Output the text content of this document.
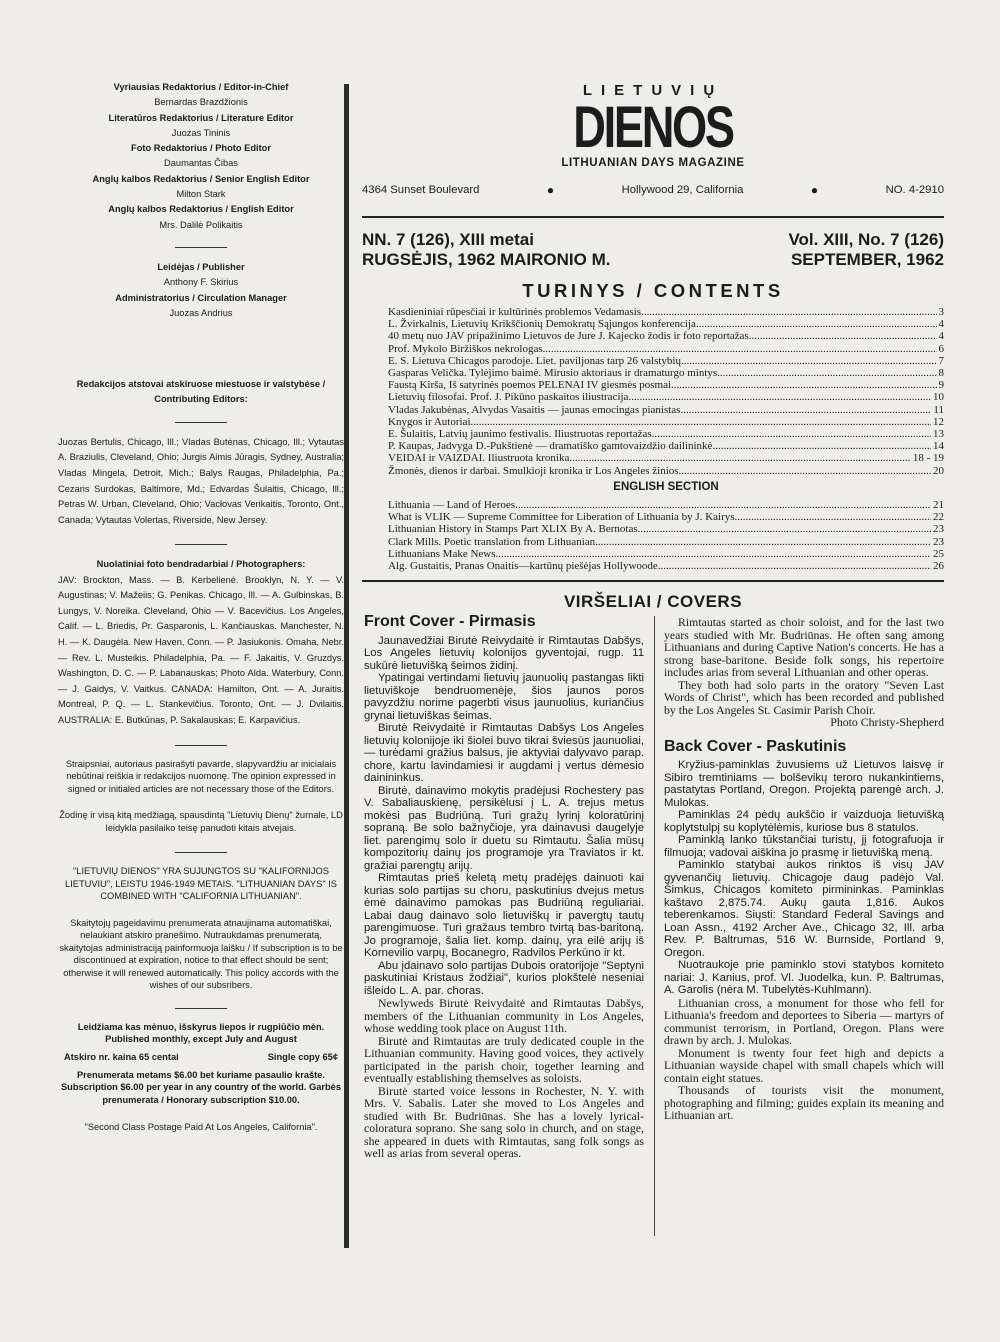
Vyriausias Redaktorius / Editor-in-Chief
Bernardas Brazdžionis
Literatūros Redaktorius / Literature Editor
Juozas Tininis
Foto Redaktorius / Photo Editor
Daumantas Čibas
Anglų kalbos Redaktorius / Senior English Editor
Milton Stark
Anglų kalbos Redaktorius / English Editor
Mrs. Dalilė Polikaitis
Leidėjas / Publisher
Anthony F. Skirius
Administratorius / Circulation Manager
Juozas Andrius
Redakcijos atstovai atskiruose miestuose ir valstybėse / Contributing Editors:
Juozas Bertulis, Chicago, Ill.; Vladas Butėnas, Chicago, Ill.; Vytautas A. Braziulis, Cleveland, Ohio; Jurgis Aimis Jūragis, Sydney, Australia; Vladas Mingela, Detroit, Mich.; Balys Raugas, Philadelphia, Pa.; Cezaris Surdokas, Baltimore, Md.; Edvardas Šulaitis, Chicago, Ill.; Petras W. Urban, Cleveland, Ohio; Vacłovas Verikaitis, Toronto, Ont., Canada; Vytautas Volertas, Riverside, New Jersey.
Nuolatiniai foto bendradarbiai / Photographers:
JAV: Brockton, Mass. — B. Kerbelienė. Brooklyn, N. Y. — V. Augustinas; V. Mažeiis; G. Penikas. Chicago, Ill. — A. Gulbinskas, B. Lungys, V. Noreika. Cleveland, Ohio — V. Bacevičius. Los Angeles, Calif. — L. Briedis, Pr. Gasparonis, L. Kančiauskas. Manchester, N. H. — K. Daugėla. New Haven, Conn. — P. Jasiukonis. Omaha, Nebr. — Rev. L. Musteikis. Philadelphia, Pa. — F. Jakaitis, V. Gruzdys. Washington, D. C. — P. Labanauskas; Photo Alda. Waterbury, Conn. — J. Gaidys, V. Vaitkus. CANADA: Hamilton, Ont. — A. Juraitis. Montreal, P. Q. — L. Stankevičius. Toronto, Ont. — J. Dvilaitis. AUSTRALIA: E. Butkūnas, P. Sakalauskas; E. Karpavičius.
Straipsniai, autoriaus pasirašyti pavarde, slapyvardžiu ar inicialais nebūtinai reiškia ir redakcijos nuomonę. The opinion expressed in signed or initialed articles are not necessary those of the Editors.
Žodinę ir visą kitą medžiagą, spausdintą "Lietuvių Dienų" žurnale, LD leidykla pasilaiko teisę panudoti kitais atvejais.
"LIETUVIŲ DIENOS" YRA SUJUNGTOS SU "KALIFORNIJOS LIETUVIU", LEISTU 1946-1949 METAIS. "LITHUANIAN DAYS" IS COMBINED WITH "CALIFORNIA LITHUANIAN".
Skaitytojų pageidavimu prenumerata atnaujinama automatiškai, nelaukiant atskiro pranešimo. Nutraukdamas prenumeratą, skaitytojas administraciją painformuoja laišku / If subscription is to be discontinued at expiration, notice to that effect should be sent; otherwise it will renewed automatically. This policy accords with the wishes of our subsribers.
Leidžiama kas mėnuo, išskyrus liepos ir rugpiūčio mėn. Published monthly, except July and August
Atskiro nr. kaina 65 centai	Single copy 65¢
Prenumerata metams $6.00 bet kuriame pasaulio krašte. Subscription $6.00 per year in any country of the world. Garbės prenumerata / Honorary subscription $10.00.
"Second Class Postage Paid At Los Angeles, California".
LIETUVIŲ
DIENOS
LITHUANIAN DAYS MAGAZINE
4364 Sunset Boulevard	●	Hollywood 29, California	●	NO. 4-2910
NN. 7 (126), XIII metai	Vol. XIII, No. 7 (126)
RUGSĖJIS, 1962 MAIRONIO M.	SEPTEMBER, 1962
TURINYS / CONTENTS
Kasdieniniai rūpesčiai ir kultūrinės problemos Vedamasis .....	3
L. Žvirkalnis, Lietuvių Krikščionių Demokratų Sąjungos konferencija .....	4
40 metų nuo JAV pripažinimo Lietuvos de Jure J. Kajecko žodis ir foto reportažas .....	4
Prof. Mykolo Biržiškos nekrologas .....	6
E. S. Lietuva Chicagos parodoje. Liet. paviljonas tarp 26 valstybių .....	7
Gasparas Velička. Tylėjimo baimė. Mirusio aktoriaus ir dramaturgo mintys .....	8
Faustą Kirša, Iš satyrinės poemos PELENAI IV giesmės posmai .....	9
Lietuvių filosofai. Prof. J. Pikūno paskaitos iliustracija .....	10
Vladas Jakubėnas, Alvydas Vasaitis — jaunas emocingas pianistas .....	11
Knygos ir Autoriai .....	12
E. Šulaitis, Latvių jaunimo festivalis. Iliustruotas reportažas .....	13
P. Kaupas, Jadvyga D.-Pukštienė — dramatiško gamtovaizdžio dailininkė .....	14
VEIDAI ir VAIZDAI. Iliustruota kronika .....	18 - 19
Žmonės, dienos ir darbai. Smulkioji kronika ir Los Angeles žinios .....	20
ENGLISH SECTION
Lithuania — Land of Heroes .....	21
What is VLIK — Supreme Committee for Liberation of Lithuania by J. Kairys .....	22
Lithuanian History in Stamps Part XLIX By A. Bernotas .....	23
Clark Mills. Poetic translation from Lithuanian .....	23
Lithuanians Make News .....	25
Alg. Gustaitis, Pranas Onaitis—kartūnų piešėjas Hollywoode .....	26
VIRŠELIAI / COVERS
Front Cover - Pirmasis

Jaunavedžiai Birutė Reivydaitė ir Rimtautas Dabšys, Los Angeles lietuvių kolonijos gyventojai, rugp. 11 sukūrė lietuvišką šeimos židinį.

Ypatingai vertindami lietuvių jaunuolių pastangas likti lietuviškoje bendruomenėje, šios jaunos poros pavyzdžiu norime pagerbti visus jaunuolius, kuriančius grynai lietuviškas šeimas.

Birutė Reivydaitė ir Rimtautas Dabšys Los Angeles lietuvių kolonijoje iki šiolei buvo tikrai šviesūs jaunuoliai, — turėdami gražius balsus, jie aktyviai dalyvavo parap. chore, kartu lavindamiesi ir augdami į vertus dėmesio dainininkus.

Birutė, dainavimo mokytis pradėjusi Rochestery pas V. Sabaliauskienę, persikėlusi į L. A. trejus metus mokėsi pas Budriūną. Turi gražų lyrinį koloratūrinį sopraną. Be solo bažnyčioje, yra dainavusi daugelyje liet. parengimų solo ir duetu su Rimtautu. Šalia mūsų kompozitorių dainų jos programoje yra Traviatos ir kt. gražiai parengtų arijų.

Rimtautas prieš keletą metų pradėjęs dainuoti kai kurias solo partijas su choru, paskutinius dvejus metus ėmė dainavimo pamokas pas Budriūną reguliariai. Labai daug dainavo solo lietuviškų ir pavergtų tautų parengimuose. Turi gražaus tembro tvirtą bas-baritoną. Jo programoje, šalia liet. komp. dainų, yra eilė arijų iš Kornevilio varpų, Bocanegro, Radvilos Perkūno ir kt.

Abu įdainavo solo partijas Dubois oratorijoje "Septyni paskutiniai Kristaus žodžiai", kurios plokštelė neseniai išleido L. A. par. choras.

Newlyweds Birutė Reivydaitė and Rimtautas Dabšys, members of the Lithuanian community in Los Angeles, whose wedding took place on August 11th.

Birutė and Rimtautas are truly dedicated couple in the Lithuanian community. Having good voices, they actively participated in the parish choir, together learning and eventually establishing themselves as soloists.

Birutė started voice lessons in Rochester, N. Y. with Mrs. V. Sabalis. Later she moved to Los Angeles and studied with Br. Budriūnas. She has a lovely lyrical-coloratura soprano. She sang solo in church, and on stage, she appeared in duets with Rimtautas, sang folk songs as well as arias from several operas.

Rimtautas started as choir soloist, and for the last two years studied with Mr. Budriūnas. He often sang among Lithuanians and during Captive Nation's concerts. He has a strong base-baritone. Beside folk songs, his repertoire includes arias from several Lithuanian and other operas.

They both had solo parts in the oratory "Seven Last Words of Christ", which has been recorded and published by the Los Angeles St. Casimir Parish Choir.

Photo Christy-Shepherd

Back Cover - Paskutinis

Kryžius-paminklas žuvusiems už Lietuvos laisvę ir Sibiro tremtiniams — bolševikų teroro nukankintiems, pastatytas Portland, Oregon. Projektą parengė arch. J. Mulokas.

Paminklas 24 pėdų aukščio ir vaizduoja lietuvišką koplytstulpį su koplytėlėmis, kuriose bus 8 statulos.

Paminklą lanko tūkstančiai turistų, jį fotografuoja ir filmuoja; vadovai aiškina jo prasmę ir lietuvišką meną.

Paminklo statybai aukos rinktos iš visų JAV gyvenančių lietuvių. Chicagoje daug padėjo Val. Šimkus, Chicagos komiteto pirmininkas. Paminklas kaštavo 2,875.74. Aukų gauta 1,816. Aukos teberenkamos. Siųsti: Standard Federal Savings and Loan Assn., 4192 Archer Ave., Chicago 32, Ill. arba Rev. P. Baltrumas, 516 W. Burnside, Portland 9, Oregon.

Nuotraukoje prie paminklo stovi statybos komiteto nariai: J. Kanius, prof. Vl. Juodelka, kun. P. Baltrumas, A. Garolis (nėra M. Tubelytės-Kuhlmann).

Lithuanian cross, a monument for those who fell for Lithuania's freedom and deportees to Siberia — martyrs of communist terrorism, in Portland, Oregon. Plans were drawn by arch. J. Mulokas.

Monument is twenty four feet high and depicts a Lithuanian wayside chapel with small chapels which will contain eight statues.

Thousands of tourists visit the monument, photographing and filming; guides explain its meaning and Lithuanian art.
